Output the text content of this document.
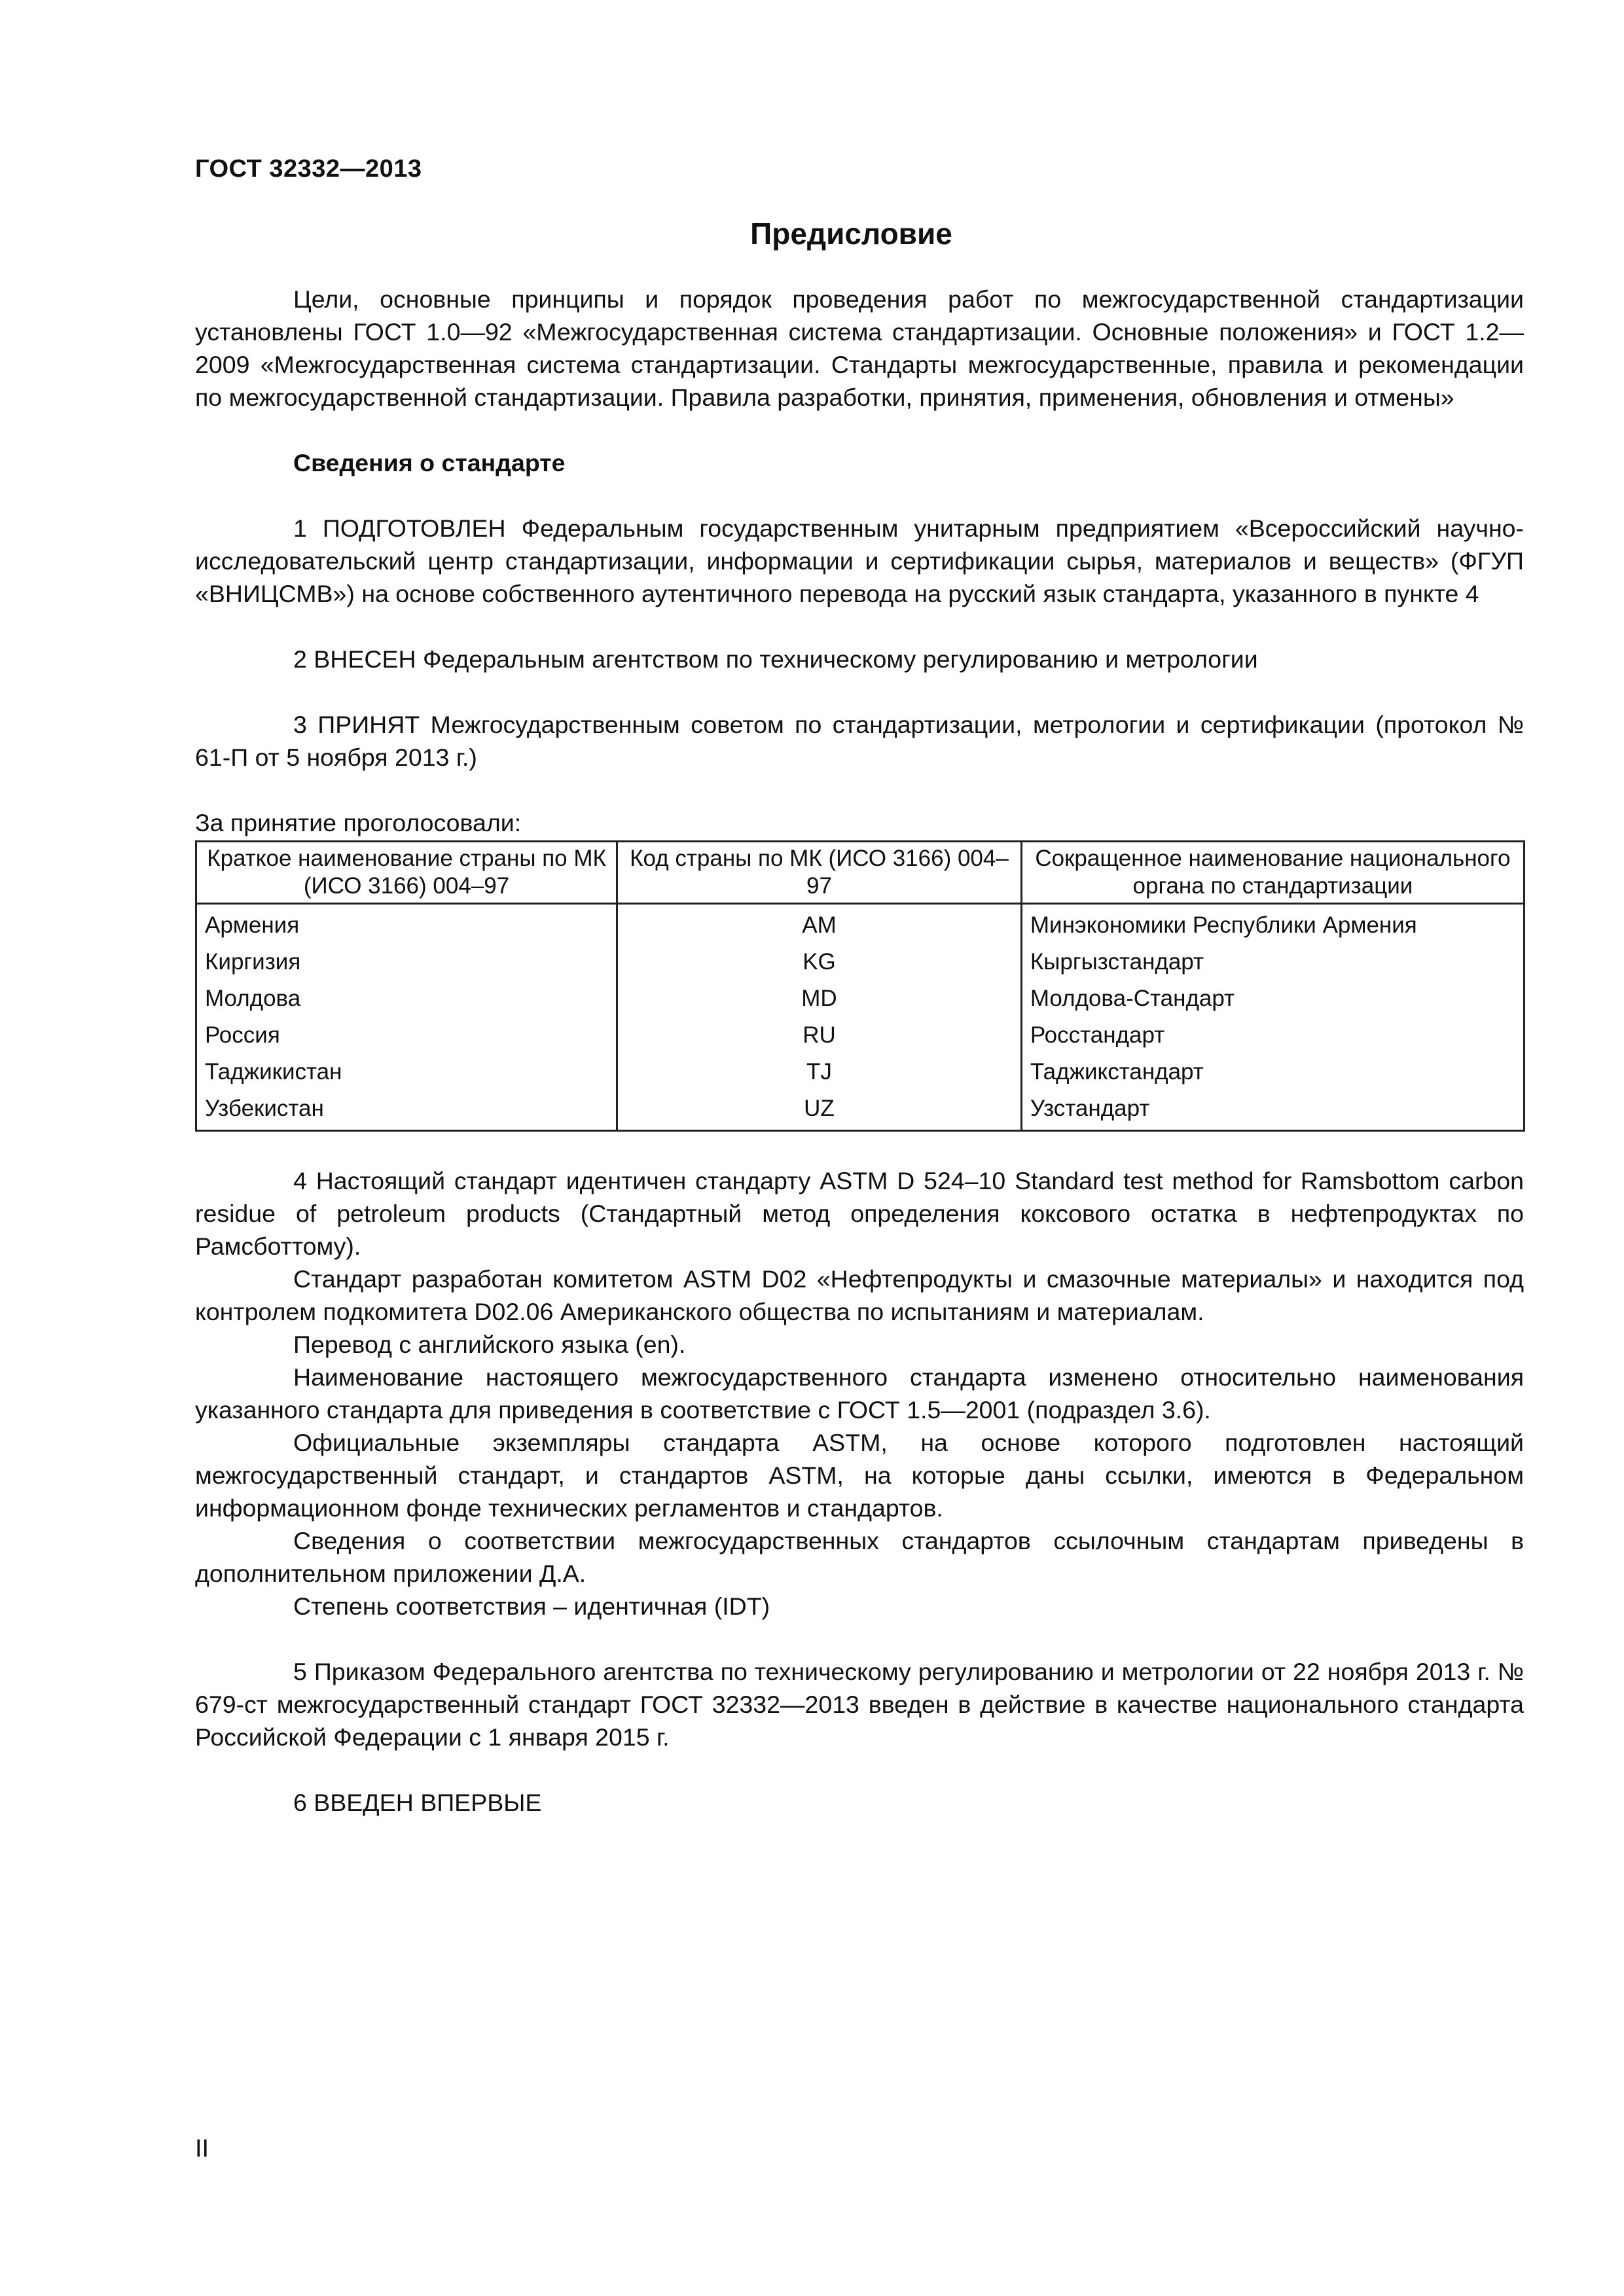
ГОСТ 32332—2013
Предисловие

Цели, основные принципы и порядок проведения работ по межгосударственной стандартизации установлены ГОСТ 1.0—92 «Межгосударственная система стандартизации. Основные положения» и ГОСТ 1.2—2009 «Межгосударственная система стандартизации. Стандарты межгосударственные, правила и рекомендации по межгосударственной стандартизации. Правила разработки, принятия, применения, обновления и отмены»

Сведения о стандарте

1 ПОДГОТОВЛЕН Федеральным государственным унитарным предприятием «Всероссийский научно-исследовательский центр стандартизации, информации и сертификации сырья, материалов и веществ» (ФГУП «ВНИЦСМВ») на основе собственного аутентичного перевода на русский язык стандарта, указанного в пункте 4

2 ВНЕСЕН Федеральным агентством по техническому регулированию и метрологии

3 ПРИНЯТ Межгосударственным советом по стандартизации, метрологии и сертификации (протокол № 61-П от 5 ноября 2013 г.)

За принятие проголосовали:

Краткое наименование страны по МК (ИСО 3166) 004–97	Код страны по МК (ИСО 3166) 004–97	Сокращенное наименование национального органа по стандартизации
Армения	AM	Минэкономики Республики Армения
Киргизия	KG	Кыргызстандарт
Молдова	MD	Молдова-Стандарт
Россия	RU	Росстандарт
Таджикистан	TJ	Таджикстандарт
Узбекистан	UZ	Узстандарт

4 Настоящий стандарт идентичен стандарту ASTM D 524–10 Standard test method for Ramsbottom carbon residue of petroleum products (Стандартный метод определения коксового остатка в нефтепродуктах по Рамсботтому).

Стандарт разработан комитетом ASTM D02 «Нефтепродукты и смазочные материалы» и находится под контролем подкомитета D02.06 Американского общества по испытаниям и материалам.

Перевод с английского языка (en).

Наименование настоящего межгосударственного стандарта изменено относительно наименования указанного стандарта для приведения в соответствие с ГОСТ 1.5—2001 (подраздел 3.6).

Официальные экземпляры стандарта ASTM, на основе которого подготовлен настоящий межгосударственный стандарт, и стандартов ASTM, на которые даны ссылки, имеются в Федеральном информационном фонде технических регламентов и стандартов.

Сведения о соответствии межгосударственных стандартов ссылочным стандартам приведены в дополнительном приложении Д.А.

Степень соответствия – идентичная (IDT)

5 Приказом Федерального агентства по техническому регулированию и метрологии от 22 ноября 2013 г. № 679-ст межгосударственный стандарт ГОСТ 32332—2013 введен в действие в качестве национального стандарта Российской Федерации с 1 января 2015 г.

6 ВВЕДЕН ВПЕРВЫЕ

II
